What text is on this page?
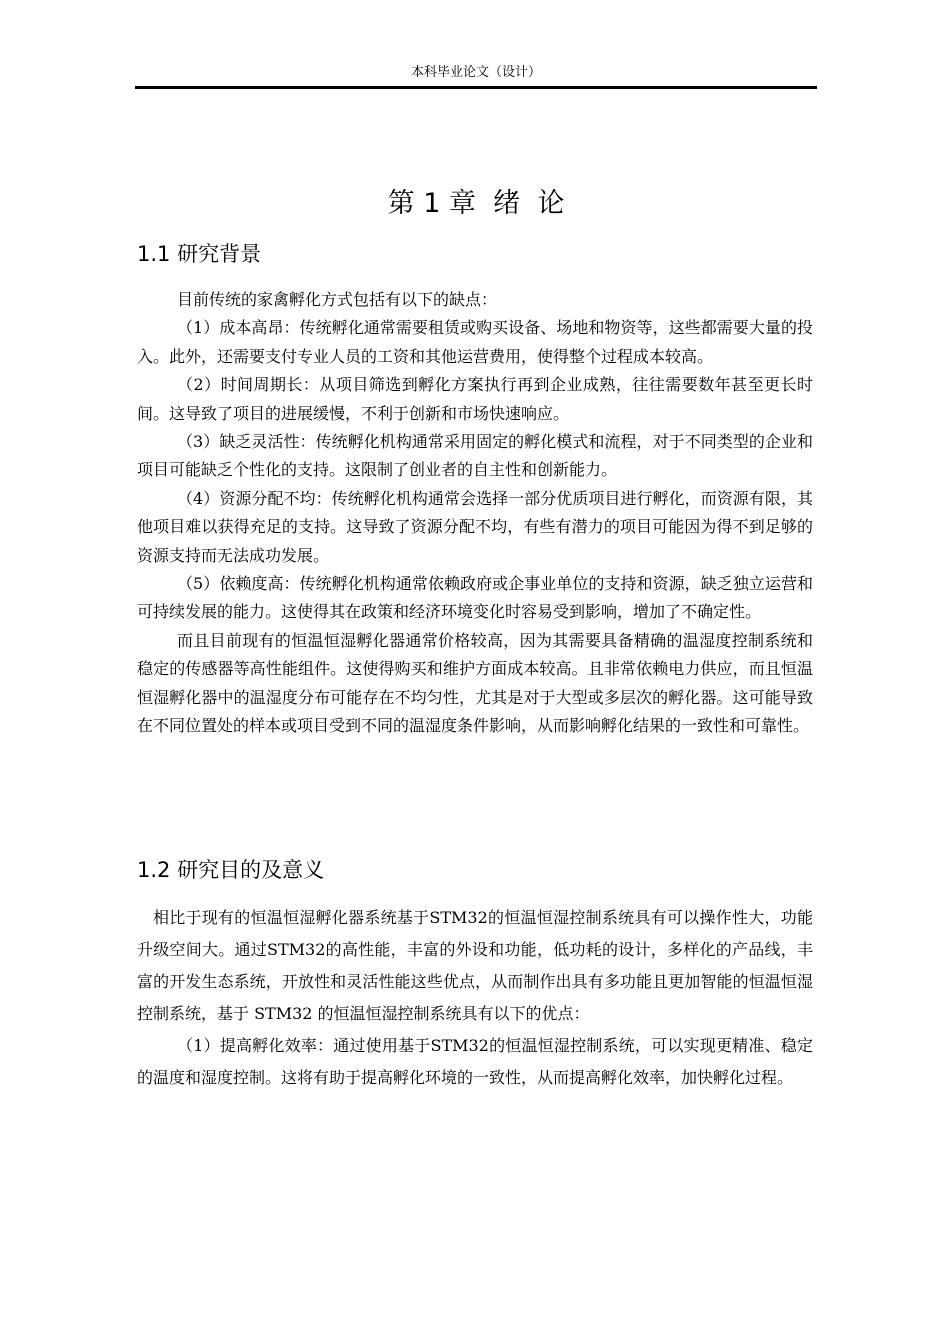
本科毕业论文（设计）
第 1 章  绪  论
1.1 研究背景

目前传统的家禽孵化方式包括有以下的缺点：

（1）成本高昂：传统孵化通常需要租赁或购买设备、场地和物资等，这些都需要大量的投入。此外，还需要支付专业人员的工资和其他运营费用，使得整个过程成本较高。

（2）时间周期长：从项目筛选到孵化方案执行再到企业成熟，往往需要数年甚至更长时间。这导致了项目的进展缓慢，不利于创新和市场快速响应。

（3）缺乏灵活性：传统孵化机构通常采用固定的孵化模式和流程，对于不同类型的企业和项目可能缺乏个性化的支持。这限制了创业者的自主性和创新能力。

（4）资源分配不均：传统孵化机构通常会选择一部分优质项目进行孵化，而资源有限，其他项目难以获得充足的支持。这导致了资源分配不均，有些有潜力的项目可能因为得不到足够的资源支持而无法成功发展。

（5）依赖度高：传统孵化机构通常依赖政府或企事业单位的支持和资源，缺乏独立运营和可持续发展的能力。这使得其在政策和经济环境变化时容易受到影响，增加了不确定性。

而且目前现有的恒温恒湿孵化器通常价格较高，因为其需要具备精确的温湿度控制系统和稳定的传感器等高性能组件。这使得购买和维护方面成本较高。且非常依赖电力供应，而且恒温恒湿孵化器中的温湿度分布可能存在不均匀性，尤其是对于大型或多层次的孵化器。这可能导致在不同位置处的样本或项目受到不同的温湿度条件影响，从而影响孵化结果的一致性和可靠性。

1.2 研究目的及意义

相比于现有的恒温恒湿孵化器系统基于STM32的恒温恒湿控制系统具有可以操作性大，功能升级空间大。通过STM32的高性能，丰富的外设和功能，低功耗的设计，多样化的产品线，丰富的开发生态系统，开放性和灵活性能这些优点，从而制作出具有多功能且更加智能的恒温恒湿控制系统，基于 STM32 的恒温恒湿控制系统具有以下的优点：

（1）提高孵化效率：通过使用基于STM32的恒温恒湿控制系统，可以实现更精准、稳定的温度和湿度控制。这将有助于提高孵化环境的一致性，从而提高孵化效率，加快孵化过程。
